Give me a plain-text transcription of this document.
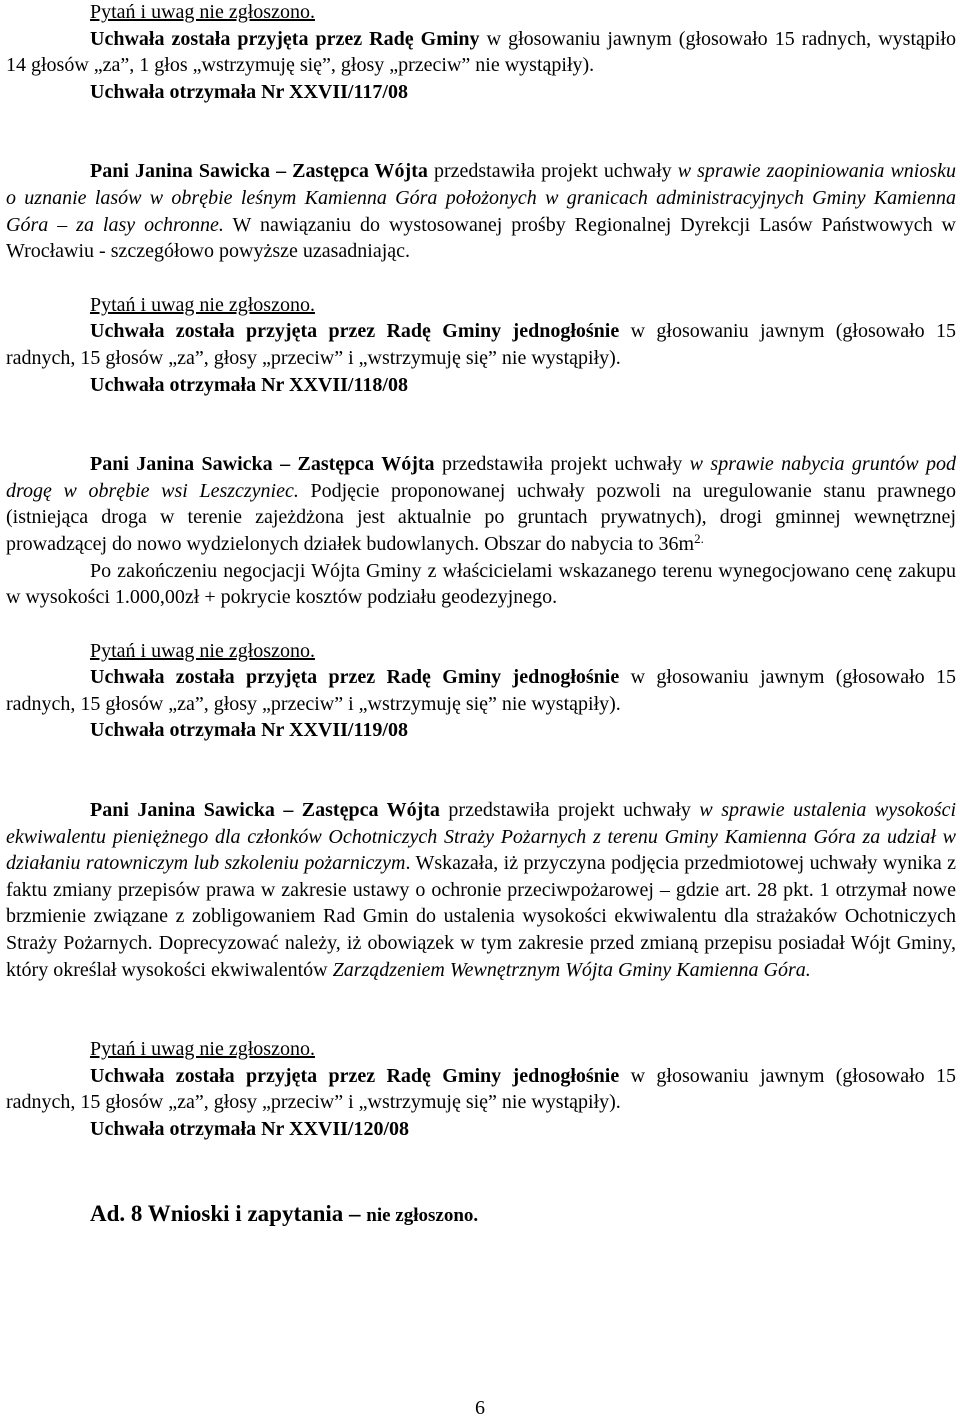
Pytań i uwag nie zgłoszono.

Uchwała została przyjęta przez Radę Gminy w głosowaniu jawnym (głosowało 15 radnych, wystąpiło 14 głosów „za”, 1 głos „wstrzymuję się”, głosy „przeciw” nie wystąpiły).

Uchwała otrzymała Nr XXVII/117/08

Pani Janina Sawicka – Zastępca Wójta przedstawiła projekt uchwały w sprawie zaopiniowania wniosku o uznanie lasów w obrębie leśnym Kamienna Góra położonych w granicach administracyjnych Gminy Kamienna Góra – za lasy ochronne. W nawiązaniu do wystosowanej prośby Regionalnej Dyrekcji Lasów Państwowych w Wrocławiu - szczegółowo powyższe uzasadniając.

Pytań i uwag nie zgłoszono.

Uchwała została przyjęta przez Radę Gminy jednogłośnie w głosowaniu jawnym (głosowało 15 radnych, 15 głosów „za”, głosy „przeciw” i „wstrzymuję się” nie wystąpiły).

Uchwała otrzymała Nr XXVII/118/08

Pani Janina Sawicka – Zastępca Wójta przedstawiła projekt uchwały w sprawie nabycia gruntów pod drogę w obrębie wsi Leszczyniec. Podjęcie proponowanej uchwały pozwoli na uregulowanie stanu prawnego (istniejąca droga w terenie zajeżdżona jest aktualnie po gruntach prywatnych), drogi gminnej wewnętrznej prowadzącej do nowo wydzielonych działek budowlanych. Obszar do nabycia to $36m^{2.}$

Po zakończeniu negocjacji Wójta Gminy z właścicielami wskazanego terenu wynegocjowano cenę zakupu w wysokości 1.000,00zł + pokrycie kosztów podziału geodezyjnego.

Pytań i uwag nie zgłoszono.

Uchwała została przyjęta przez Radę Gminy jednogłośnie w głosowaniu jawnym (głosowało 15 radnych, 15 głosów „za”, głosy „przeciw” i „wstrzymuję się” nie wystąpiły).

Uchwała otrzymała Nr XXVII/119/08

Pani Janina Sawicka – Zastępca Wójta przedstawiła projekt uchwały w sprawie ustalenia wysokości ekwiwalentu pieniężnego dla członków Ochotniczych Straży Pożarnych z terenu Gminy Kamienna Góra za udział w działaniu ratowniczym lub szkoleniu pożarniczym. Wskazała, iż przyczyna podjęcia przedmiotowej uchwały wynika z faktu zmiany przepisów prawa w zakresie ustawy o ochronie przeciwpożarowej – gdzie art. 28 pkt. 1 otrzymał nowe brzmienie związane z zobligowaniem Rad Gmin do ustalenia wysokości ekwiwalentu dla strażaków Ochotniczych Straży Pożarnych. Doprecyzować należy, iż obowiązek w tym zakresie przed zmianą przepisu posiadał Wójt Gminy, który określał wysokości ekwiwalentów Zarządzeniem Wewnętrznym Wójta Gminy Kamienna Góra.

Pytań i uwag nie zgłoszono.

Uchwała została przyjęta przez Radę Gminy jednogłośnie w głosowaniu jawnym (głosowało 15 radnych, 15 głosów „za”, głosy „przeciw” i „wstrzymuję się” nie wystąpiły).

Uchwała otrzymała Nr XXVII/120/08

Ad. 8 Wnioski i zapytania – nie zgłoszono.

6
